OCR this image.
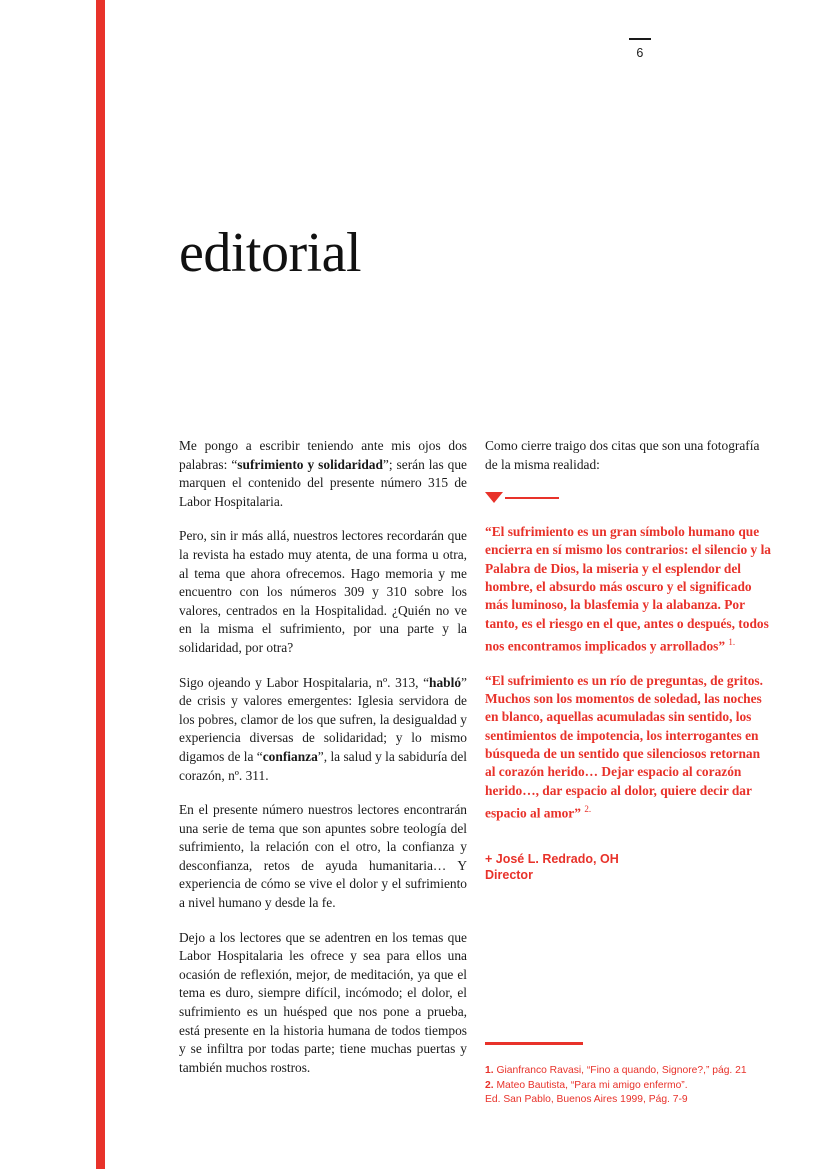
6
editorial

Me pongo a escribir teniendo ante mis ojos dos palabras: “sufrimiento y solidaridad”; serán las que marquen el contenido del presente número 315 de Labor Hospitalaria.

Pero, sin ir más allá, nuestros lectores recordarán que la revista ha estado muy atenta, de una forma u otra, al tema que ahora ofrecemos. Hago memoria y me encuentro con los números 309 y 310 sobre los valores, centrados en la Hospitalidad. ¿Quién no ve en la misma el sufrimiento, por una parte y la solidaridad, por otra?

Sigo ojeando y Labor Hospitalaria, nº. 313, “habló” de crisis y valores emergentes: Iglesia servidora de los pobres, clamor de los que sufren, la desigualdad y experiencia diversas de solidaridad; y lo mismo digamos de la “confianza”, la salud y la sabiduría del corazón, nº. 311.

En el presente número nuestros lectores encontrarán una serie de tema que son apuntes sobre teología del sufrimiento, la relación con el otro, la confianza y desconfianza, retos de ayuda humanitaria… Y experiencia de cómo se vive el dolor y el sufrimiento a nivel humano y desde la fe.

Dejo a los lectores que se adentren en los temas que Labor Hospitalaria les ofrece y sea para ellos una ocasión de reflexión, mejor, de meditación, ya que el tema es duro, siempre difícil, incómodo; el dolor, el sufrimiento es un huésped que nos pone a prueba, está presente en la historia humana de todos tiempos y se infiltra por todas parte; tiene muchas puertas y también muchos rostros.

Como cierre traigo dos citas que son una fotografía de la misma realidad:

“El sufrimiento es un gran símbolo humano que encierra en sí mismo los contrarios: el silencio y la Palabra de Dios, la miseria y el esplendor del hombre, el absurdo más oscuro y el significado más luminoso, la blasfemia y la alabanza. Por tanto, es el riesgo en el que, antes o después, todos nos encontramos implicados y arrollados” $^{1.}$

“El sufrimiento es un río de preguntas, de gritos. Muchos son los momentos de soledad, las noches en blanco, aquellas acumuladas sin sentido, los sentimientos de impotencia, los interrogantes en búsqueda de un sentido que silenciosos retornan al corazón herido… Dejar espacio al corazón herido…, dar espacio al dolor, quiere decir dar espacio al amor” $^{2.}$

+ José L. Redrado, OH
Director
1. Gianfranco Ravasi, “Fino a quando, Signore?,” pág. 21
2. Mateo Bautista, “Para mi amigo enfermo”.
Ed. San Pablo, Buenos Aires 1999, Pág. 7-9
